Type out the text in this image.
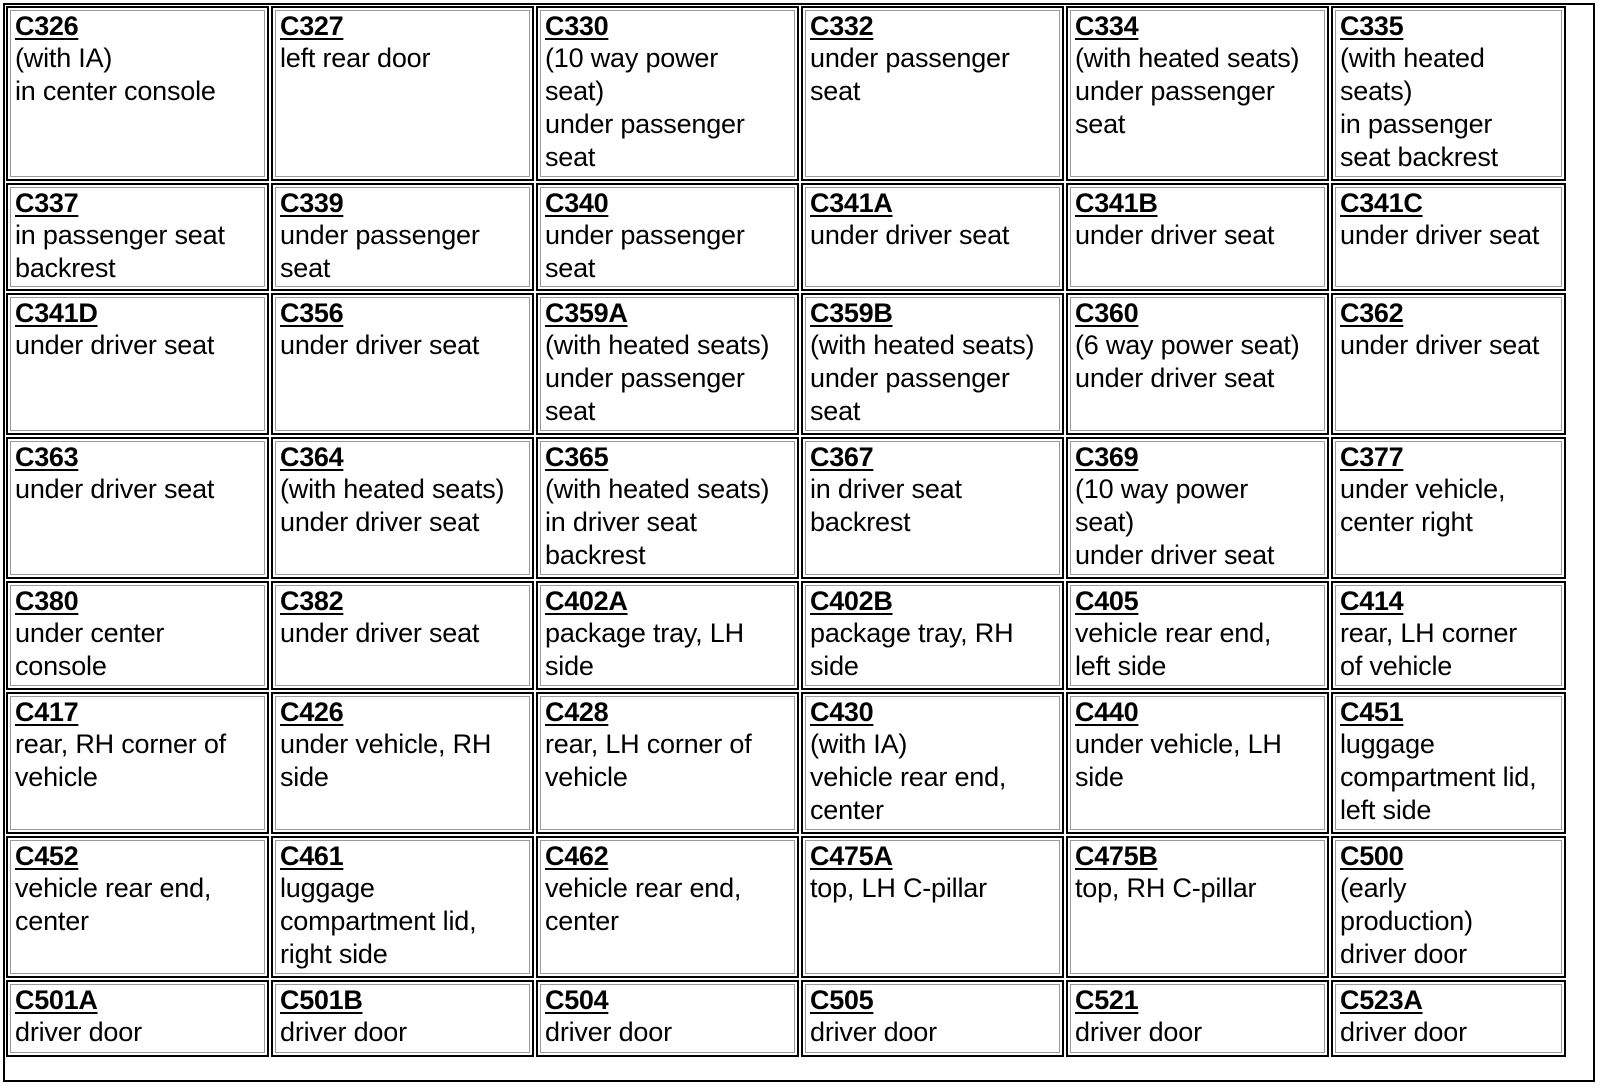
C326
(with IA)
in center console
C327
left rear door
C330
(10 way power
seat)
under passenger
seat
C332
under passenger
seat
C334
(with heated seats)
under passenger
seat
C335
(with heated
seats)
in passenger
seat backrest
C337
in passenger seat
backrest
C339
under passenger
seat
C340
under passenger
seat
C341A
under driver seat
C341B
under driver seat
C341C
under driver seat
C341D
under driver seat
C356
under driver seat
C359A
(with heated seats)
under passenger
seat
C359B
(with heated seats)
under passenger
seat
C360
(6 way power seat)
under driver seat
C362
under driver seat
C363
under driver seat
C364
(with heated seats)
under driver seat
C365
(with heated seats)
in driver seat
backrest
C367
in driver seat
backrest
C369
(10 way power
seat)
under driver seat
C377
under vehicle,
center right
C380
under center
console
C382
under driver seat
C402A
package tray, LH
side
C402B
package tray, RH
side
C405
vehicle rear end,
left side
C414
rear, LH corner
of vehicle
C417
rear, RH corner of
vehicle
C426
under vehicle, RH
side
C428
rear, LH corner of
vehicle
C430
(with IA)
vehicle rear end,
center
C440
under vehicle, LH
side
C451
luggage
compartment lid,
left side
C452
vehicle rear end,
center
C461
luggage
compartment lid,
right side
C462
vehicle rear end,
center
C475A
top, LH C-pillar
C475B
top, RH C-pillar
C500
(early
production)
driver door
C501A
driver door
C501B
driver door
C504
driver door
C505
driver door
C521
driver door
C523A
driver door
